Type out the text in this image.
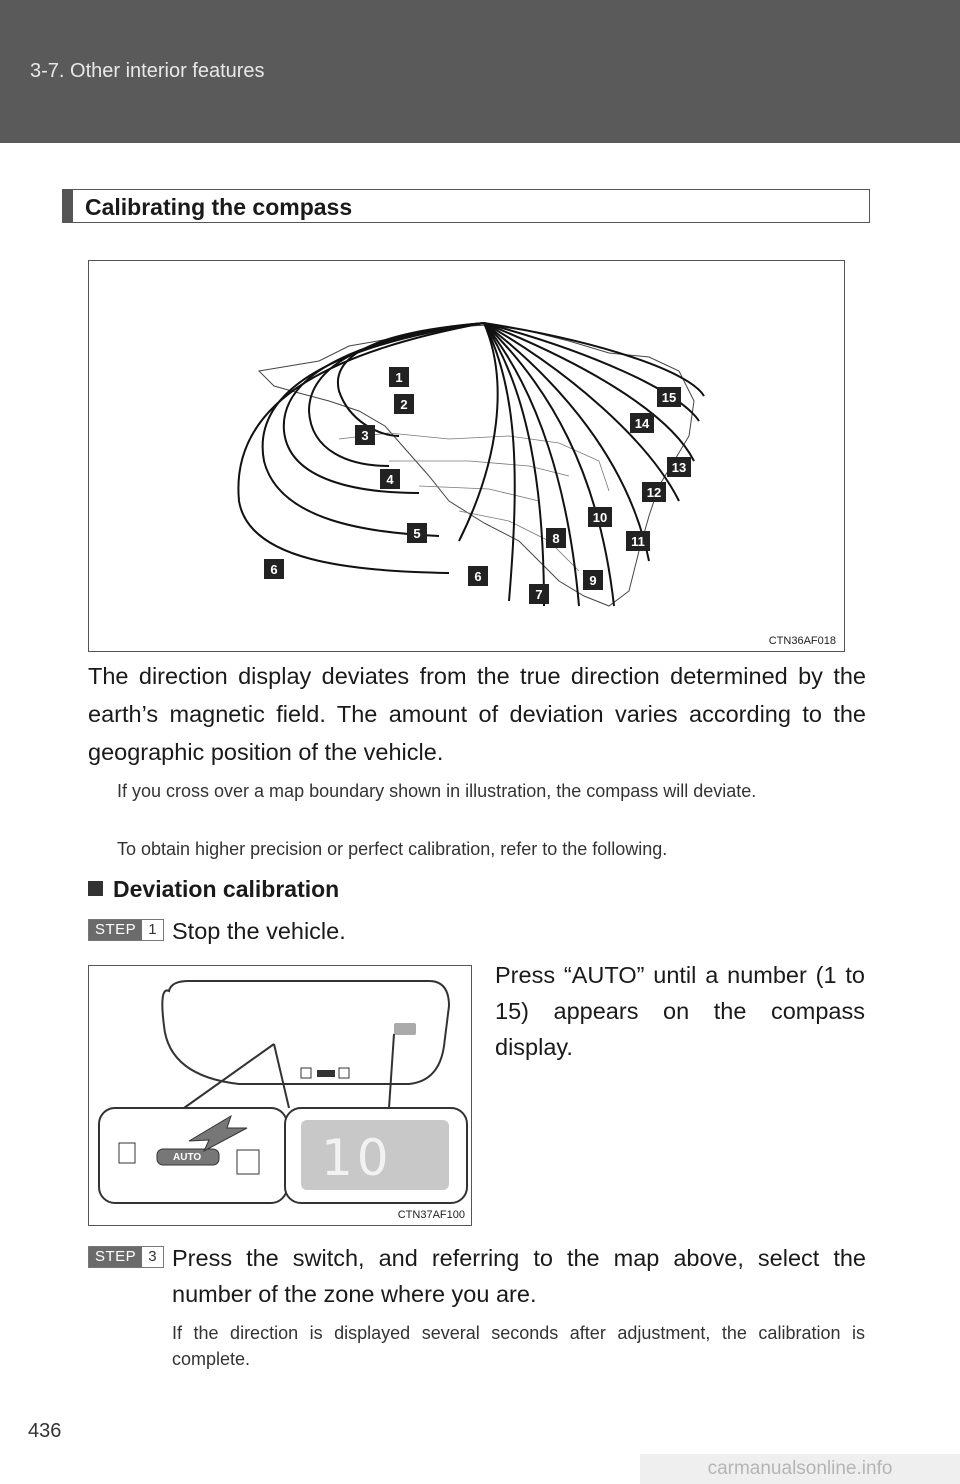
3-7. Other interior features
Calibrating the compass
1
2
3
4
5
6	6
7
8
9
10
11
12
13
14
15
CTN36AF018
The direction display deviates from the true direction determined by the earth’s magnetic field. The amount of deviation varies according to the geographic position of the vehicle.
If you cross over a map boundary shown in illustration, the compass will deviate.
To obtain higher precision or perfect calibration, refer to the following.
Deviation calibration
STEP 1 Stop the vehicle.
AUTO 10
CTN37AF100
Press “AUTO” until a number (1 to 15) appears on the compass display.
STEP 3 Press the switch, and referring to the map above, select the number of the zone where you are.
If the direction is displayed several seconds after adjustment, the calibration is complete.
436
carmanualsonline.info
